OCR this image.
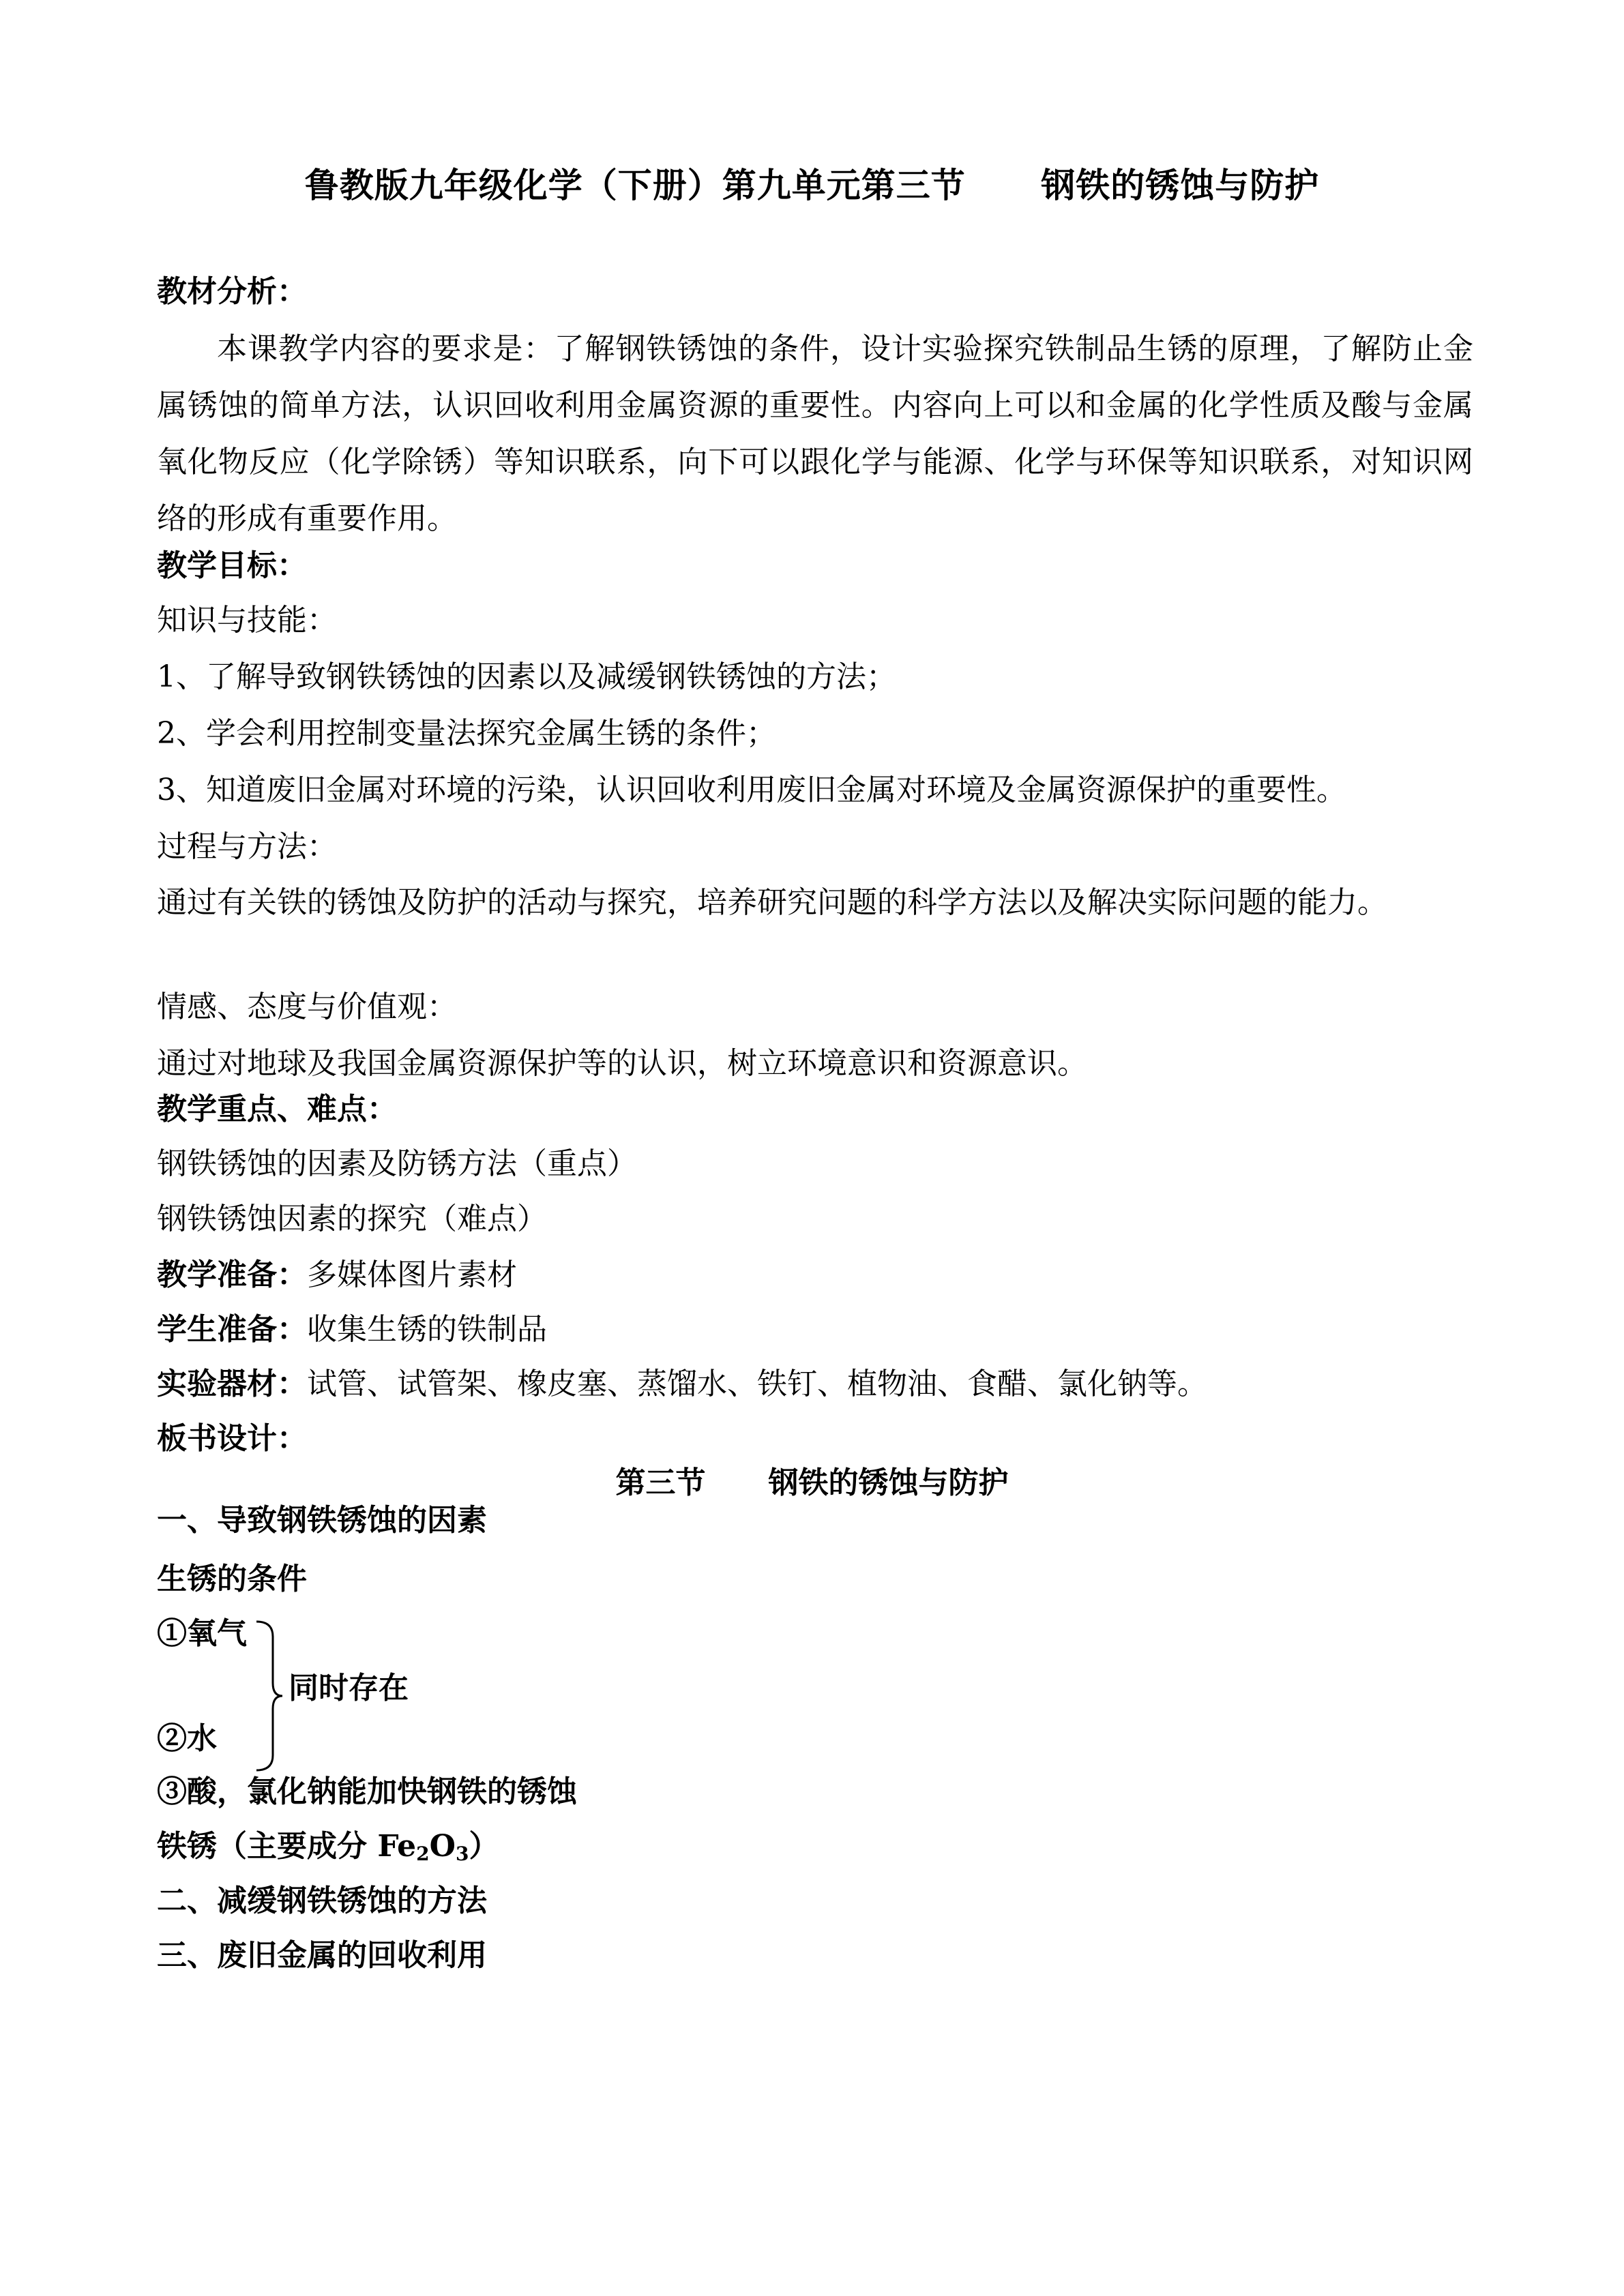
鲁教版九年级化学（下册）第九单元第三节      钢铁的锈蚀与防护
教材分析：
本课教学内容的要求是：了解钢铁锈蚀的条件，设计实验探究铁制品生锈的原理，了解防止金属锈蚀的简单方法，认识回收利用金属资源的重要性。内容向上可以和金属的化学性质及酸与金属氧化物反应（化学除锈）等知识联系，向下可以跟化学与能源、化学与环保等知识联系，对知识网络的形成有重要作用。
教学目标：
知识与技能：
1、了解导致钢铁锈蚀的因素以及减缓钢铁锈蚀的方法；
2、学会利用控制变量法探究金属生锈的条件；
3、知道废旧金属对环境的污染，认识回收利用废旧金属对环境及金属资源保护的重要性。
过程与方法：
通过有关铁的锈蚀及防护的活动与探究，培养研究问题的科学方法以及解决实际问题的能力。
情感、态度与价值观：
通过对地球及我国金属资源保护等的认识，树立环境意识和资源意识。
教学重点、难点：
钢铁锈蚀的因素及防锈方法（重点）
钢铁锈蚀因素的探究（难点）
教学准备：多媒体图片素材
学生准备：收集生锈的铁制品
实验器材：试管、试管架、橡皮塞、蒸馏水、铁钉、植物油、食醋、氯化钠等。
板书设计：
第三节      钢铁的锈蚀与防护
一、导致钢铁锈蚀的因素
生锈的条件
①氧气
同时存在
②水
③酸，氯化钠能加快钢铁的锈蚀
铁锈（主要成分 $Fe_2O_3$）
二、减缓钢铁锈蚀的方法
三、废旧金属的回收利用
